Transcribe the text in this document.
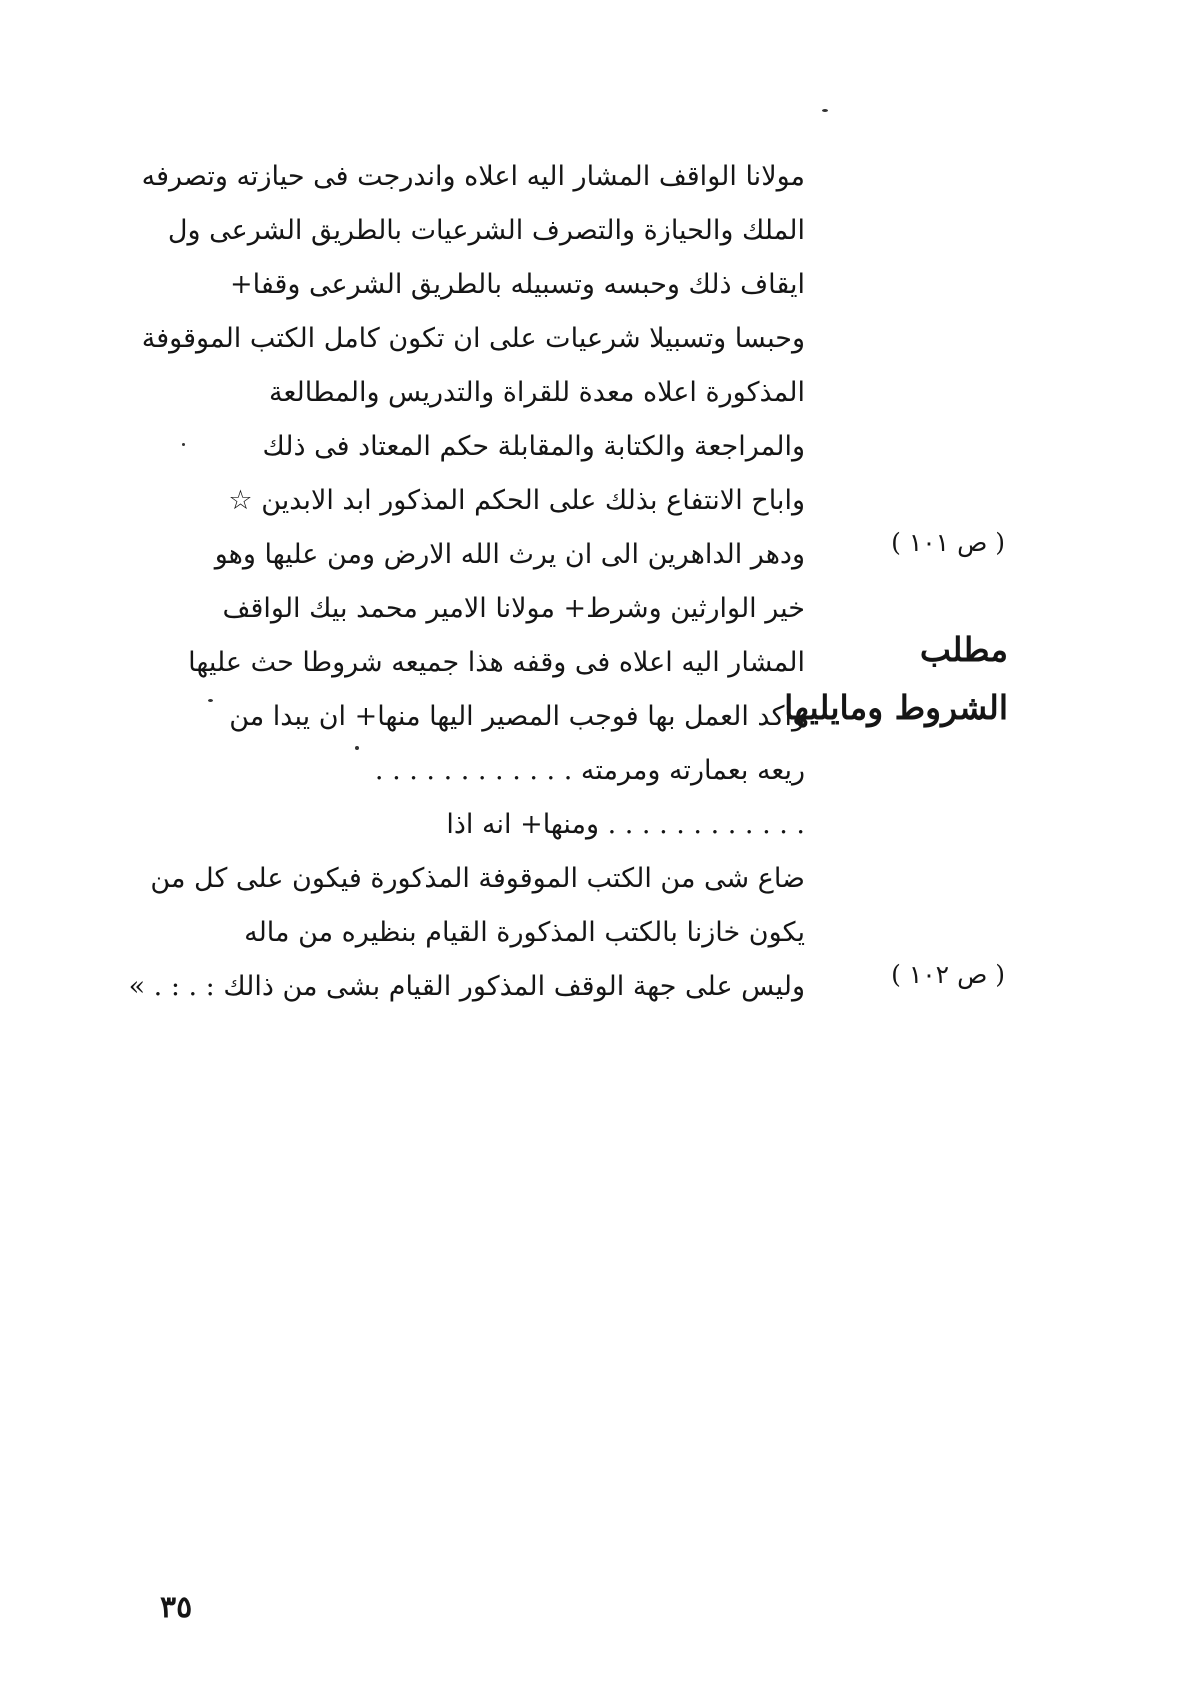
مولانا الواقف المشار اليه اعلاه واندرجت فى حيازته وتصرفه
الملك والحيازة والتصرف الشرعيات بالطريق الشرعى ول
ايقاف ذلك وحبسه وتسبيله بالطريق الشرعى وقفا+
وحبسا وتسبيلا شرعيات على ان تكون كامل الكتب الموقوفة
المذكورة اعلاه معدة للقراة والتدريس والمطالعة
والمراجعة والكتابة والمقابلة حكم المعتاد فى ذلك
واباح الانتفاع بذلك على الحكم المذكور ابد الابدين ☆
ودهر الداهرين الى ان يرث الله الارض ومن عليها وهو
خير الوارثين وشرط+ مولانا الامير محمد بيك الواقف
المشار اليه اعلاه فى وقفه هذا جميعه شروطا حث عليها
واكد العمل بها فوجب المصير اليها منها+ ان يبدا من
ريعه بعمارته ومرمته . . . . . . . . . . . .
. . . . . . . . . . . . ومنها+ انه اذا
ضاع شى من الكتب الموقوفة المذكورة فيكون على كل من
يكون خازنا بالكتب المذكورة القيام بنظيره من ماله
وليس على جهة الوقف المذكور القيام بشى من ذالك : . : . »
( ص ١٠١ )
مطلب
الشروط ومايليها
( ص ١٠٢ )
٣٥
